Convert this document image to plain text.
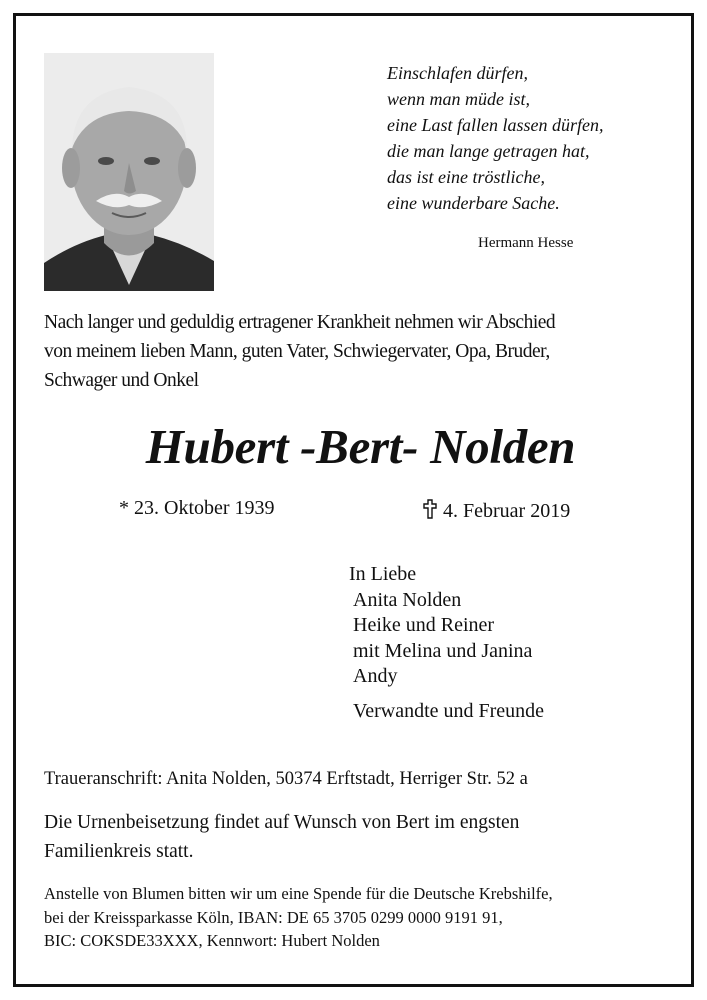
Einschlafen dürfen,
wenn man müde ist,
eine Last fallen lassen dürfen,
die man lange getragen hat,
das ist eine tröstliche,
eine wunderbare Sache.
Hermann Hesse
Nach langer und geduldig ertragener Krankheit nehmen wir Abschied
von meinem lieben Mann, guten Vater, Schwiegervater, Opa, Bruder,
Schwager und Onkel
Hubert -Bert- Nolden
* 23. Oktober 1939	4. Februar 2019
In Liebe
Anita Nolden
Heike und Reiner
mit Melina und Janina
Andy
Verwandte und Freunde
Traueranschrift: Anita Nolden, 50374 Erftstadt, Herriger Str. 52 a
Die Urnenbeisetzung findet auf Wunsch von Bert im engsten
Familienkreis statt.
Anstelle von Blumen bitten wir um eine Spende für die Deutsche Krebshilfe,
bei der Kreissparkasse Köln, IBAN: DE 65 3705 0299 0000 9191 91,
BIC: COKSDE33XXX, Kennwort: Hubert Nolden
